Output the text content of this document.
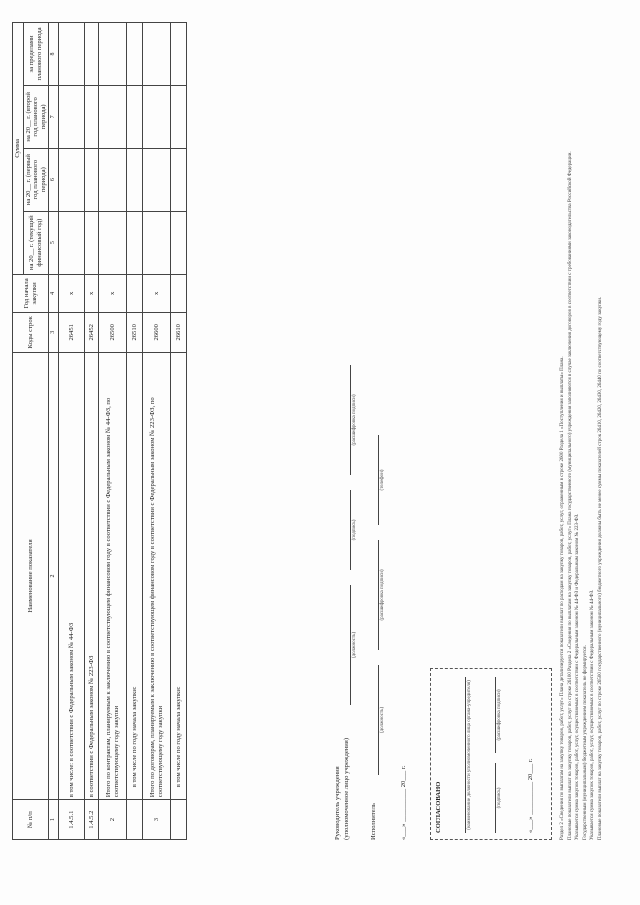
№ п/п	Наименование показателя	Коды строк	Год начала закупки	Сумма			
				на 20__ г. (текущий финансовый год)	на 20__ г. (первый год планового периода)	на 20__ г. (второй год планового периода)	за пределами планового периода

1	2	3	4	5	6	7	8
1.4.5.1	в том числе: в соответствии с Федеральным законом № 44-ФЗ	26451	x				
1.4.5.2	в соответствии с Федеральным законом № 223-ФЗ	26452	x				
2	Итого по контрактам, планируемым к заключению в соответствующем финансовом году в соответствии с Федеральным законом № 44-ФЗ, по соответствующему году закупки	26500	x				
	в том числе по году начала закупки:	26510					
3	Итого по договорам, планируемым к заключению в соответствующем финансовом году в соответствии с Федеральным законом № 223-ФЗ, по соответствующему году закупки	26600	x				
	в том числе по году начала закупки:	26610					
Руководитель учреждения (уполномоченное лицо учреждения)
(должность)
(подпись)
(расшифровка подписи)
Исполнитель
(должность)
(расшифровка подписи)
(телефон)
«___» __________ 20___ г.	СОГЛАСОВАНО	(наименование должности уполномоченного лица органа-учредителя)	(подпись)
(расшифровка подписи)
«___» __________ 20___ г.	Раздел 2 «Сведения по выплатам на закупку товаров, работ, услуг» Плана детализируется показатели выплат по расходам на закупку товаров, работ, услуг, отраженным в строке 2600 Раздела 1 «Поступления и выплаты» Плана. Плановые показатели выплат на закупку товаров, работ, услуг по строке 26100 Раздела 2 «Сведения по выплатам на закупку товаров, работ, услуг» Плана государственного (муниципального) учреждения заполняются в случае заключения договоров в соответствии с требованиями законодательства Российской Федерации. Указывается сумма закупок товаров, работ, услуг, осуществляемых в соответствии с Федеральным законом № 44-ФЗ и Федеральным законом № 223-ФЗ. Государственным (муниципальным) бюджетным учреждением показатель не формируется. Указывается сумма закупок товаров, работ, услуг, осуществляемых в соответствии с Федеральным законом № 44-ФЗ. Плановые показатели выплат на закупку товаров, работ, услуг по строке 26500 государственного (муниципального) бюджетного учреждения должны быть не менее суммы показателей строк 26410, 26420, 26430, 26440 по соответствующему году закупки.
